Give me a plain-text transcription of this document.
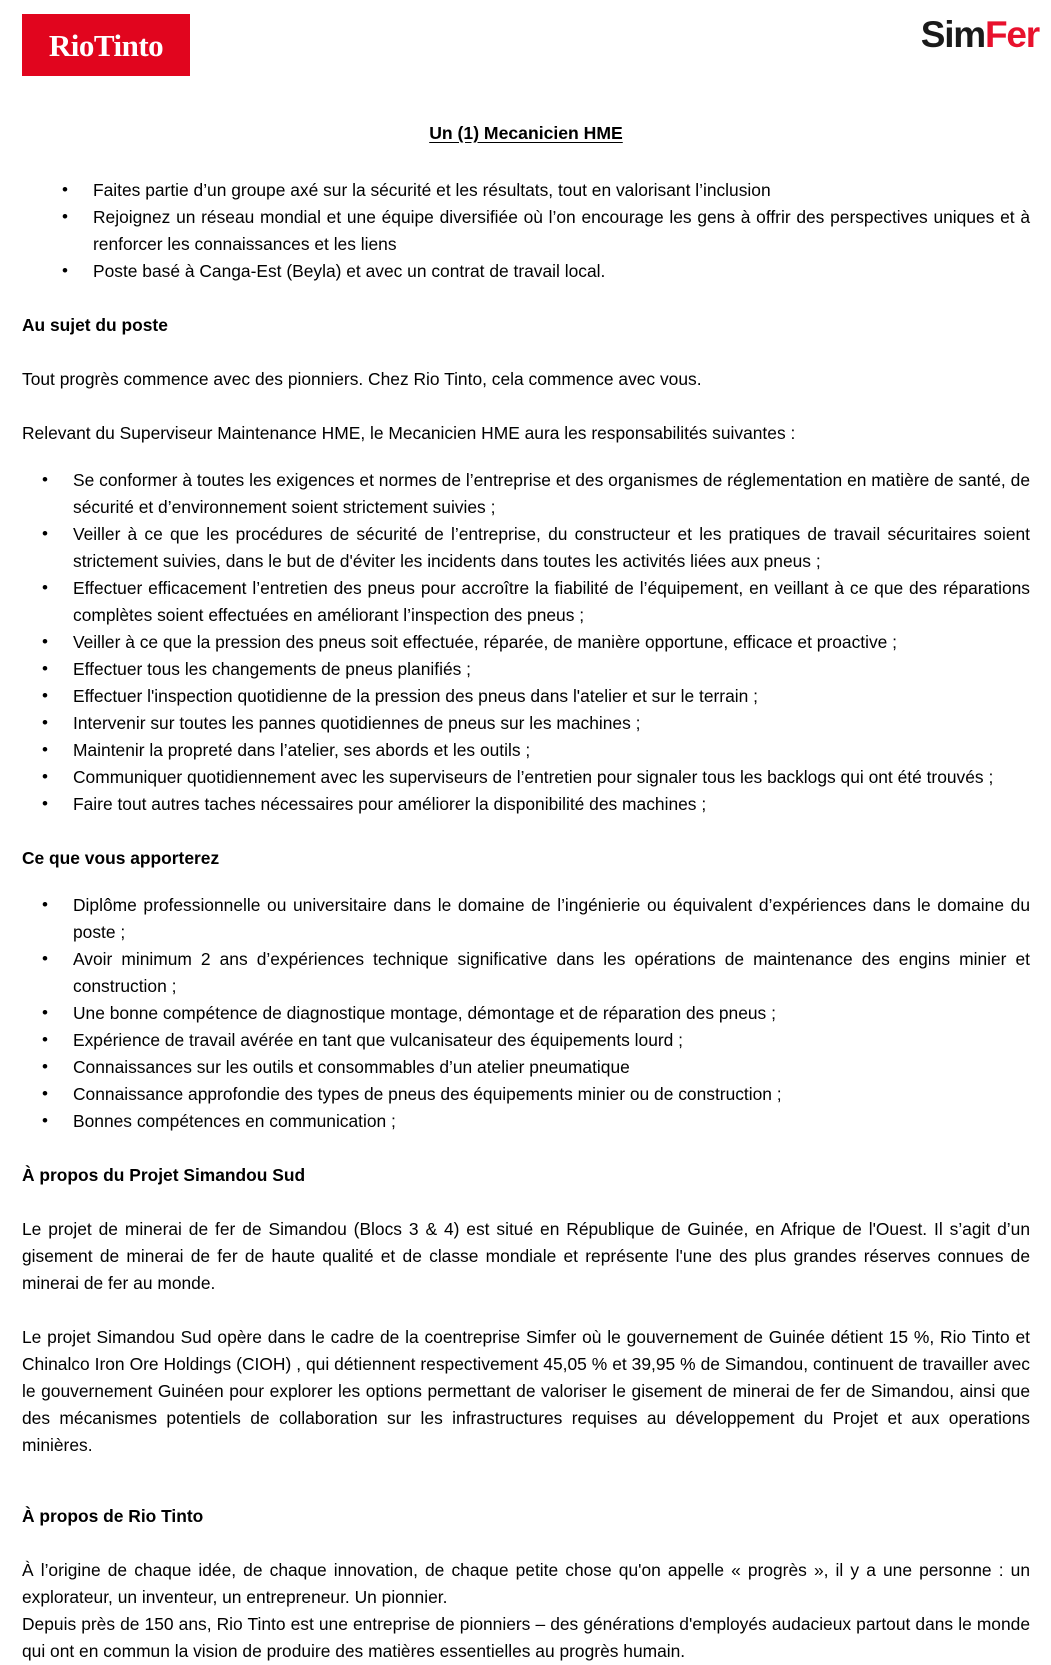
RioTinto	SimFer
Un (1) Mecanicien HME
• Faites partie d’un groupe axé sur la sécurité et les résultats, tout en valorisant l’inclusion
• Rejoignez un réseau mondial et une équipe diversifiée où l’on encourage les gens à offrir des perspectives uniques et à renforcer les connaissances et les liens
• Poste basé à Canga-Est (Beyla) et avec un contrat de travail local.
Au sujet du poste

Tout progrès commence avec des pionniers. Chez Rio Tinto, cela commence avec vous.

Relevant du Superviseur Maintenance HME, le Mecanicien HME aura les responsabilités suivantes :

• Se conformer à toutes les exigences et normes de l’entreprise et des organismes de réglementation en matière de santé, de sécurité et d’environnement soient strictement suivies ;
• Veiller à ce que les procédures de sécurité de l’entreprise, du constructeur et les pratiques de travail sécuritaires soient strictement suivies, dans le but de d'éviter les incidents dans toutes les activités liées aux pneus ;
• Effectuer efficacement l’entretien des pneus pour accroître la fiabilité de l’équipement, en veillant à ce que des réparations complètes soient effectuées en améliorant l’inspection des pneus ;
• Veiller à ce que la pression des pneus soit effectuée, réparée, de manière opportune, efficace et proactive ;
• Effectuer tous les changements de pneus planifiés ;
• Effectuer l'inspection quotidienne de la pression des pneus dans l'atelier et sur le terrain ;
• Intervenir sur toutes les pannes quotidiennes de pneus sur les machines ;
• Maintenir la propreté dans l’atelier, ses abords et les outils ;
• Communiquer quotidiennement avec les superviseurs de l’entretien pour signaler tous les backlogs qui ont été trouvés ;
• Faire tout autres taches nécessaires pour améliorer la disponibilité des machines ;
Ce que vous apporterez
• Diplôme professionnelle ou universitaire dans le domaine de l’ingénierie ou équivalent d’expériences dans le domaine du poste ;
• Avoir minimum 2 ans d’expériences technique significative dans les opérations de maintenance des engins minier et construction ;
• Une bonne compétence de diagnostique montage, démontage et de réparation des pneus ;
• Expérience de travail avérée en tant que vulcanisateur des équipements lourd ;
• Connaissances sur les outils et consommables d’un atelier pneumatique
• Connaissance approfondie des types de pneus des équipements minier ou de construction ;
• Bonnes compétences en communication ;
À propos du Projet Simandou Sud

Le projet de minerai de fer de Simandou (Blocs 3 & 4) est situé en République de Guinée, en Afrique de l'Ouest. Il s’agit d’un gisement de minerai de fer de haute qualité et de classe mondiale et représente l'une des plus grandes réserves connues de minerai de fer au monde.

Le projet Simandou Sud opère dans le cadre de la coentreprise Simfer où le gouvernement de Guinée détient 15 %, Rio Tinto et Chinalco Iron Ore Holdings (CIOH) , qui détiennent respectivement 45,05 % et 39,95 % de Simandou, continuent de travailler avec le gouvernement Guinéen pour explorer les options permettant de valoriser le gisement de minerai de fer de Simandou, ainsi que des mécanismes potentiels de collaboration sur les infrastructures requises au développement du Projet et aux operations minières.

À propos de Rio Tinto

À l’origine de chaque idée, de chaque innovation, de chaque petite chose qu'on appelle « progrès », il y a une personne : un explorateur, un inventeur, un entrepreneur. Un pionnier.

Depuis près de 150 ans, Rio Tinto est une entreprise de pionniers – des générations d'employés audacieux partout dans le monde qui ont en commun la vision de produire des matières essentielles au progrès humain.
